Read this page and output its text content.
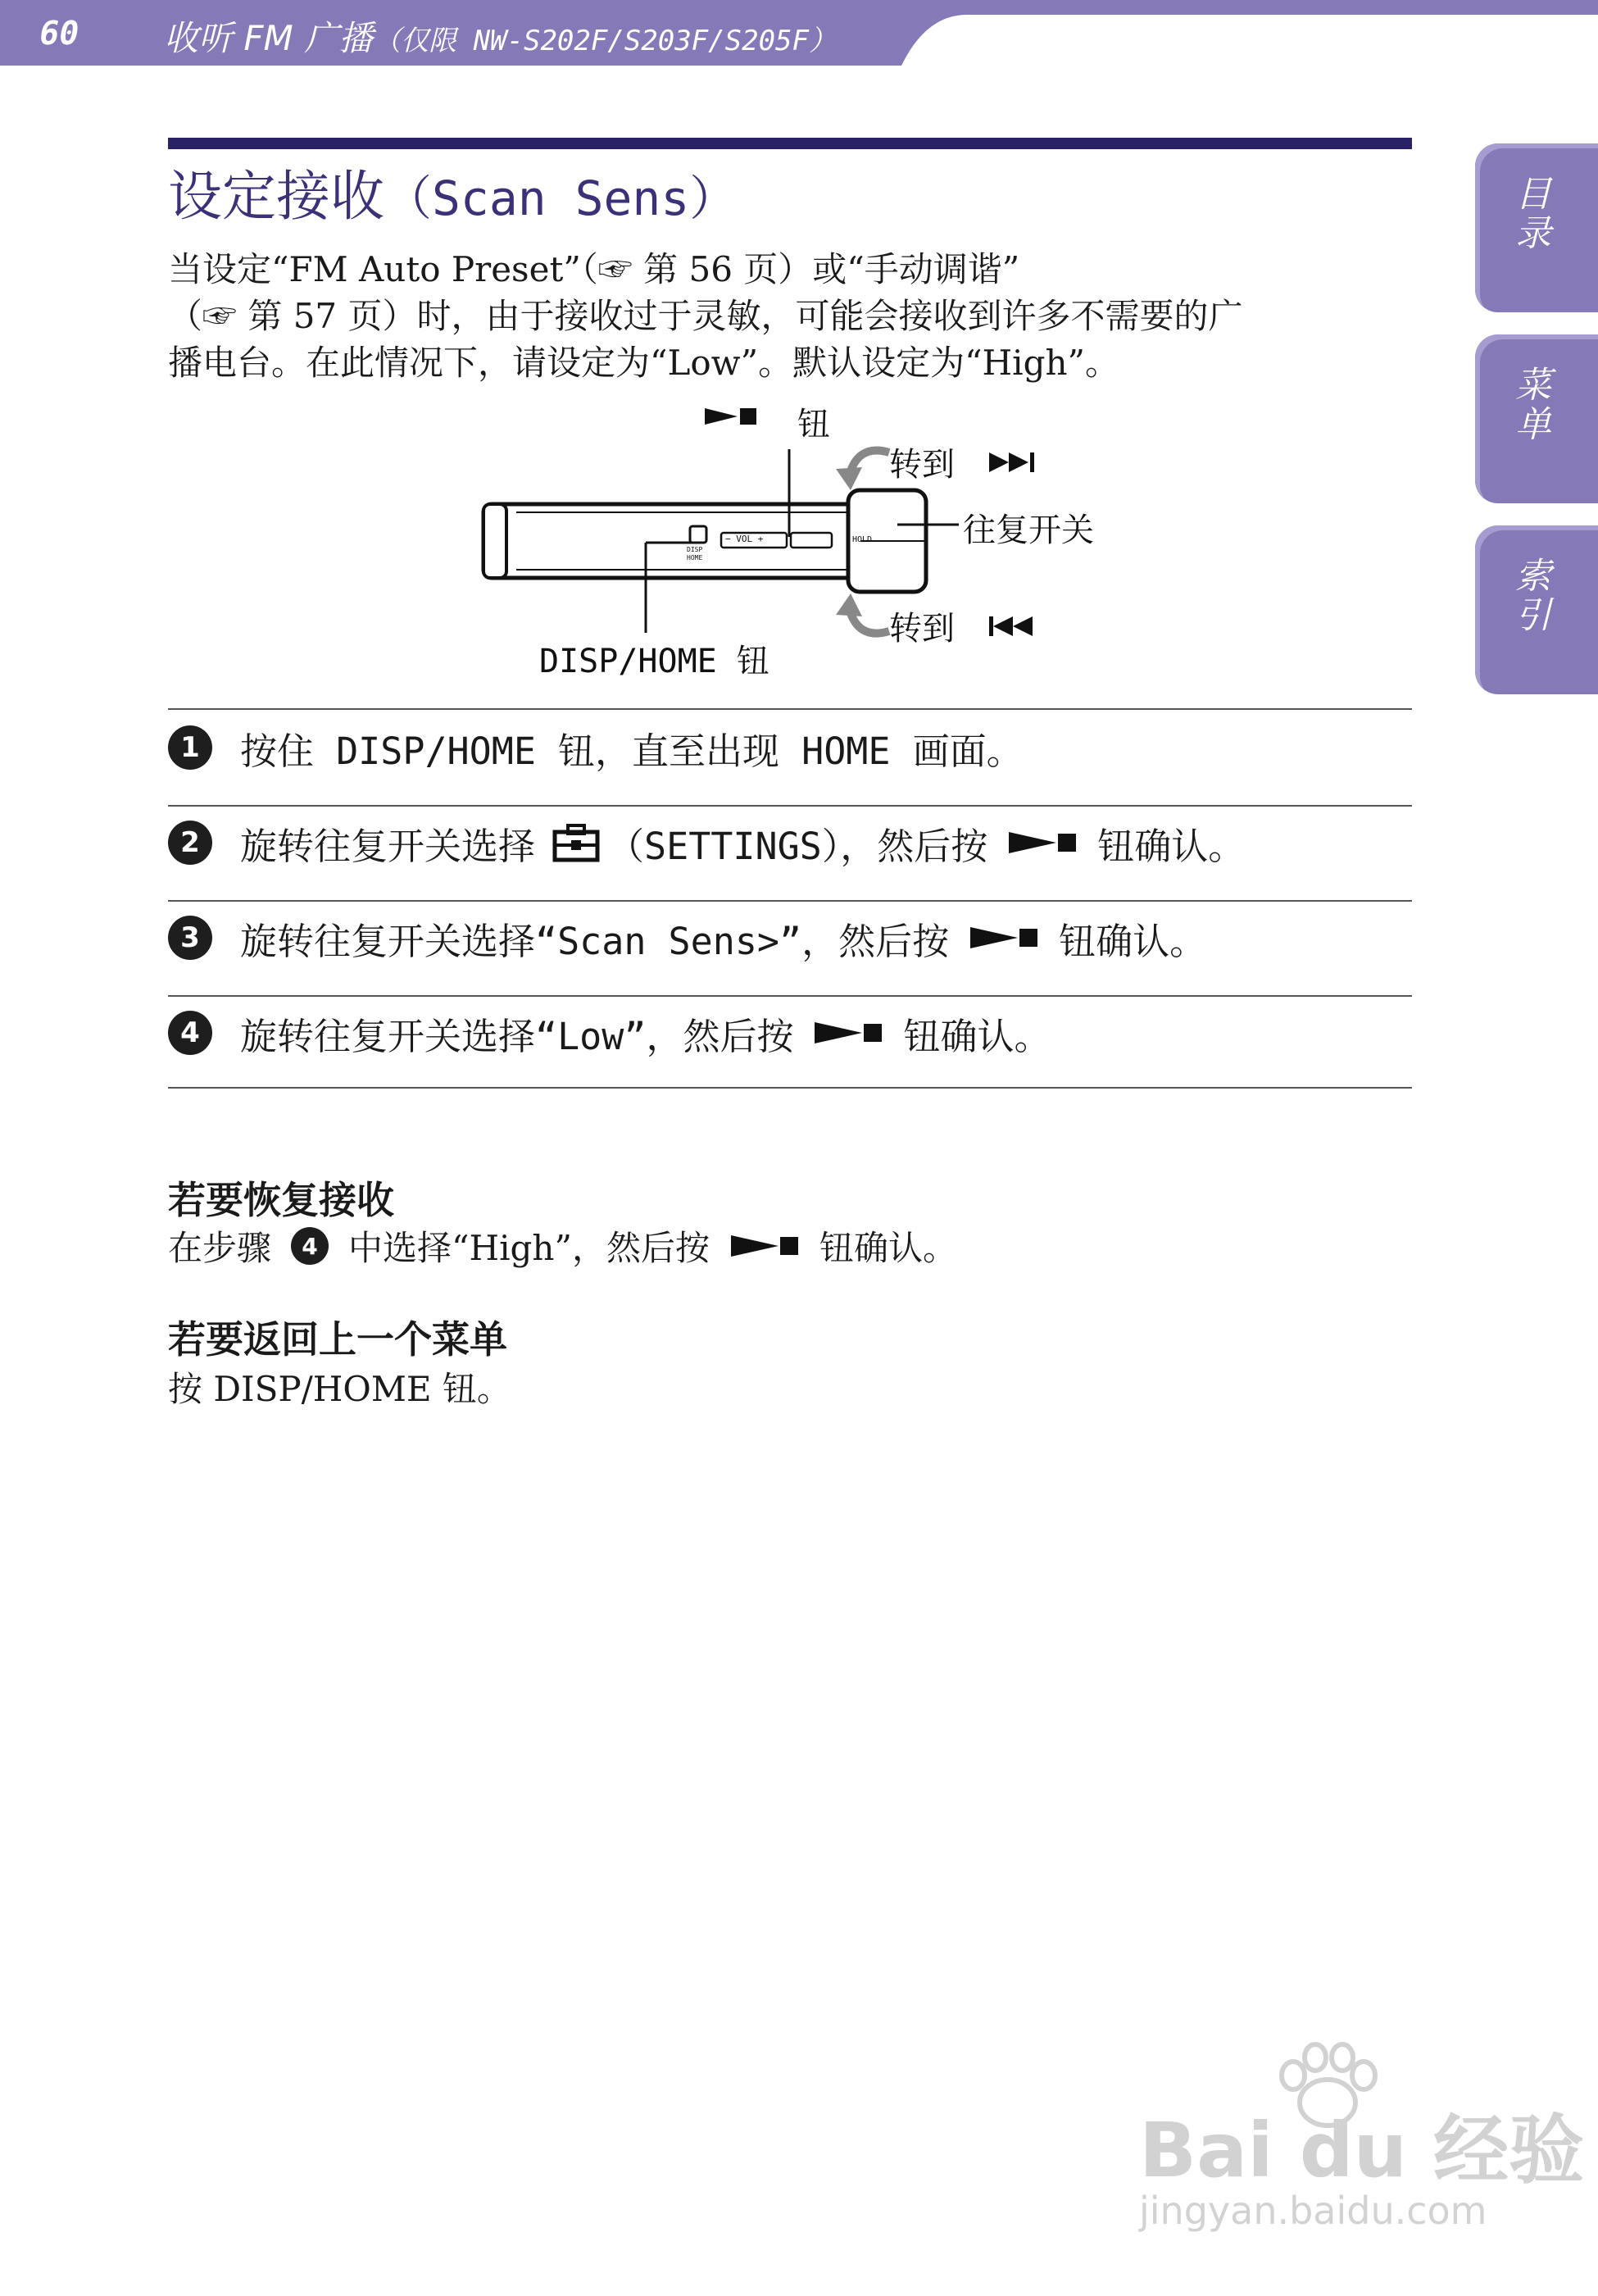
60 收听 FM 广播（仅限 NW-S202F/S203F/S205F）
目录
菜单
索引
设定接收（Scan Sens）
当设定“FM Auto Preset”（☞ 第 56 页）或“手动调谐”
（☞ 第 57 页）时，由于接收过于灵敏，可能会接收到许多不需要的广
播电台。在此情况下，请设定为“Low”。默认设定为“High”。
钮
转到
往复开关
转到
DISP/HOME 钮
− VOL +	HOLD
DISP
HOME
1	按住 DISP/HOME 钮，直至出现 HOME 画面。
2	旋转往复开关选择 （SETTINGS），然后按	钮确认。
3	旋转往复开关选择“Scan Sens>”，然后按	钮确认。
4	旋转往复开关选择“Low”，然后按	钮确认。
若要恢复接收
在步骤	4 中选择“High”，然后按	钮确认。
若要返回上一个菜单
按 DISP/HOME 钮。
Bai du 经验
jingyan.baidu.com
